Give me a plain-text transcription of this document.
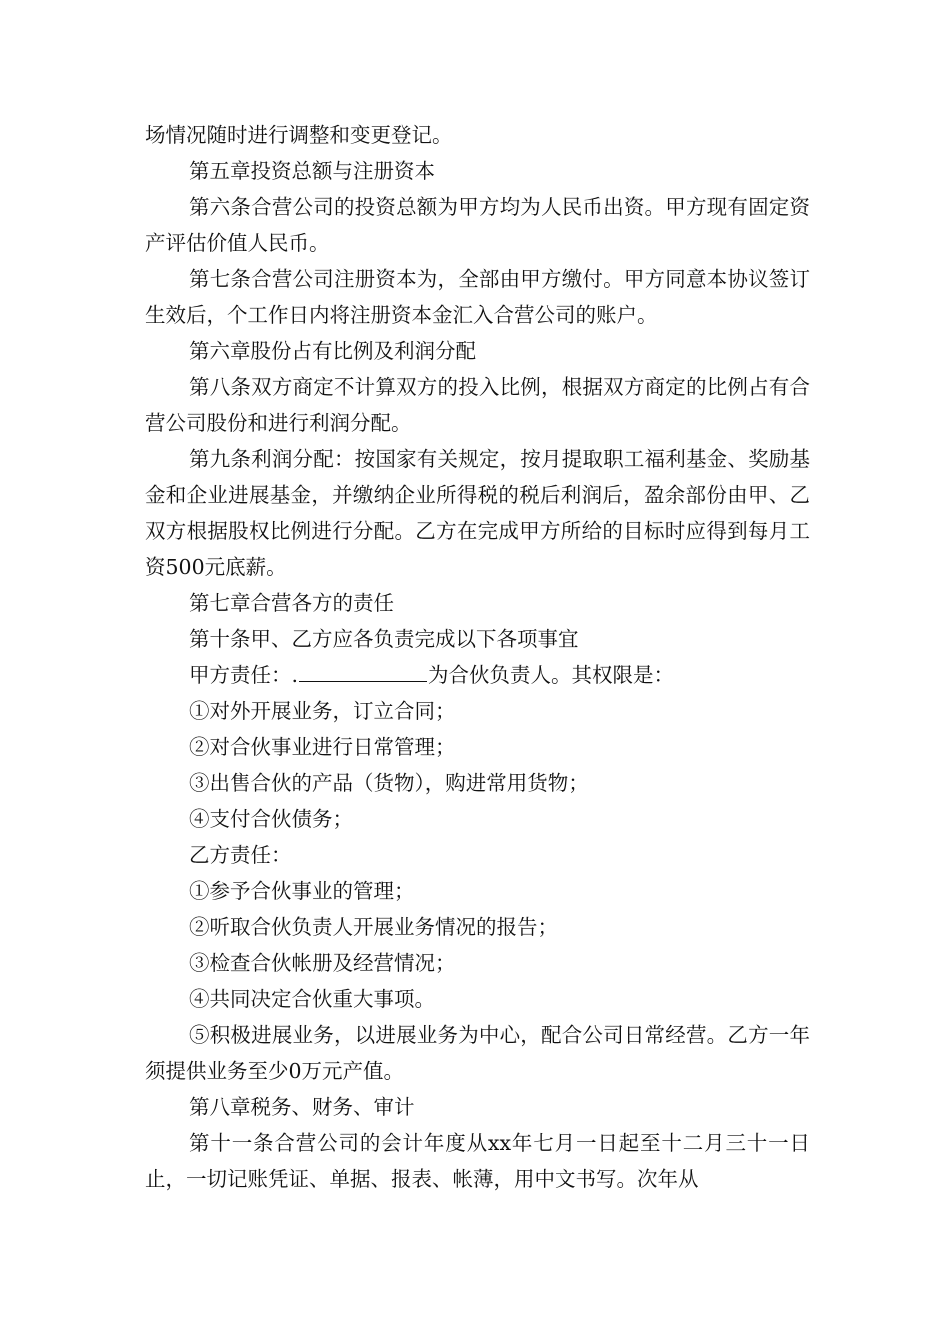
场情况随时进行调整和变更登记。

第五章投资总额与注册资本

第六条合营公司的投资总额为甲方均为人民币出资。甲方现有固定资产评估价值人民币。

第七条合营公司注册资本为，全部由甲方缴付。甲方同意本协议签订生效后，个工作日内将注册资本金汇入合营公司的账户。

第六章股份占有比例及利润分配

第八条双方商定不计算双方的投入比例，根据双方商定的比例占有合营公司股份和进行利润分配。

第九条利润分配：按国家有关规定，按月提取职工福利基金、奖励基金和企业进展基金，并缴纳企业所得税的税后利润后，盈余部份由甲、乙双方根据股权比例进行分配。乙方在完成甲方所给的目标时应得到每月工资500元底薪。

第七章合营各方的责任

第十条甲、乙方应各负责完成以下各项事宜

甲方责任：.	为合伙负责人。其权限是：

①对外开展业务，订立合同；

②对合伙事业进行日常管理；

③出售合伙的产品（货物），购进常用货物；

④支付合伙债务；

乙方责任：

①参予合伙事业的管理；

②听取合伙负责人开展业务情况的报告；

③检查合伙帐册及经营情况；

④共同决定合伙重大事项。

⑤积极进展业务，以进展业务为中心，配合公司日常经营。乙方一年须提供业务至少0万元产值。

第八章税务、财务、审计

第十一条合营公司的会计年度从xx年七月一日起至十二月三十一日止，一切记账凭证、单据、报表、帐薄，用中文书写。次年从
